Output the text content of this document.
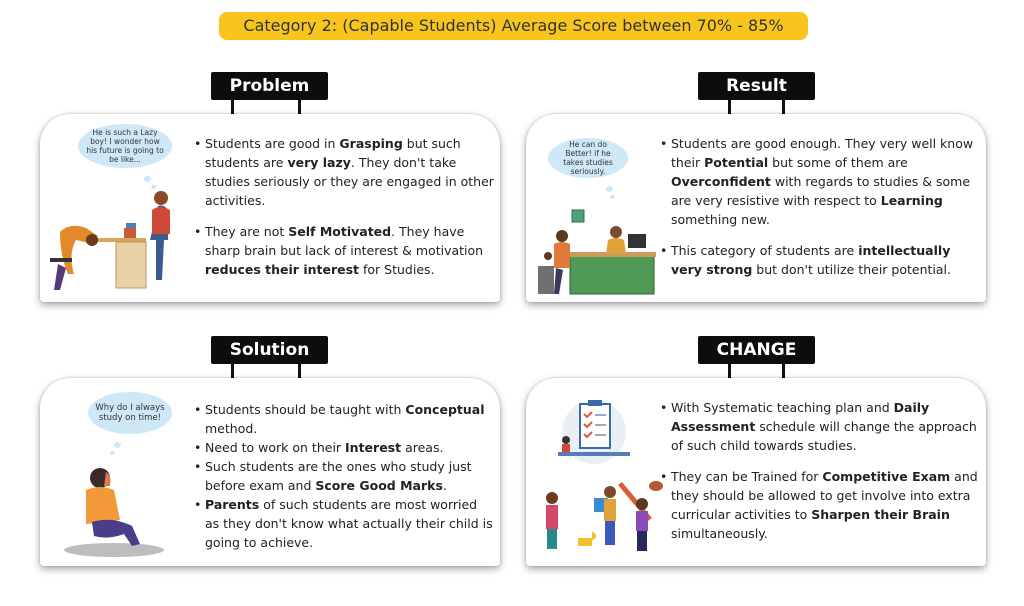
Category 2: (Capable Students) Average Score between 70% - 85%
Problem
He is such a Lazy boy! I wonder how his future is going to be like...
• Students are good in Grasping but such students are very lazy. They don't take studies seriously or they are engaged in other activities.
• They are not Self Motivated. They have sharp brain but lack of interest & motivation reduces their interest for Studies.
Result
He can do Better! if he takes studies seriously.
• Students are good enough. They very well know their Potential but some of them are Overconfident with regards to studies & some are very resistive with respect to Learning something new.
• This category of students are intellectually very strong but don't utilize their potential.
Solution
Why do I always study on time!
• Students should be taught with Conceptual method.
• Need to work on their Interest areas.
• Such students are the ones who study just before exam and Score Good Marks.
• Parents of such students are most worried as they don't know what actually their child is going to achieve.
CHANGE
• With Systematic teaching plan and Daily Assessment schedule will change the approach of such child towards studies.
• They can be Trained for Competitive Exam and they should be allowed to get involve into extra curricular activities to Sharpen their Brain simultaneously.
